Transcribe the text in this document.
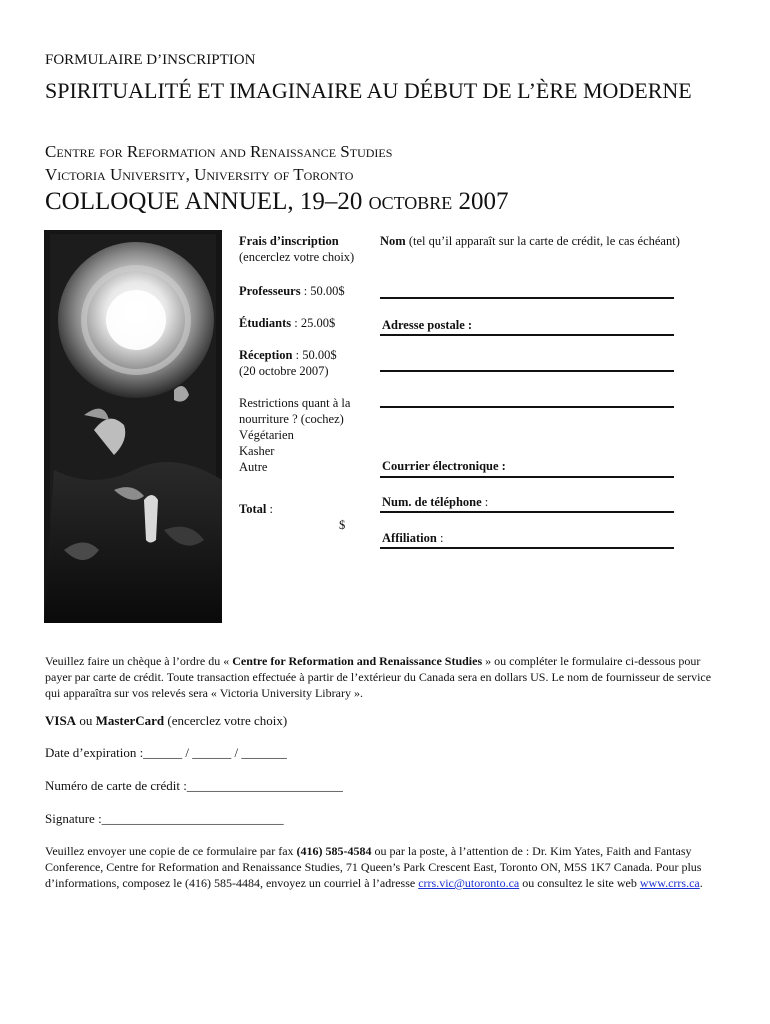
FORMULAIRE D’INSCRIPTION
SPIRITUALITÉ ET IMAGINAIRE AU DÉBUT DE L’ÈRE MODERNE
Centre for Reformation and Renaissance Studies
Victoria University, University of Toronto
COLLOQUE ANNUEL, 19–20 octobre 2007
Frais d’inscription
(encerclez votre choix)
Professeurs : 50.00$
Étudiants : 25.00$
Réception : 50.00$
(20 octobre 2007)
Restrictions quant à la nourriture ? (cochez)
Végétarien
Kasher
Autre
Total :
$
Nom (tel qu’il apparaît sur la carte de crédit, le cas échéant)
Adresse postale :
Courrier électronique :
Num. de téléphone :
Affiliation :
Veuillez faire un chèque à l’ordre du « Centre for Reformation and Renaissance Studies » ou compléter le formulaire ci-dessous pour payer par carte de crédit. Toute transaction effectuée à partir de l’extérieur du Canada sera en dollars US. Le nom de fournisseur de service qui apparaîtra sur vos relevés sera « Victoria University Library ».
VISA ou MasterCard (encerclez votre choix)
Date d’expiration :______ / ______ / _______
Numéro de carte de crédit :________________________
Signature :____________________________
Veuillez envoyer une copie de ce formulaire par fax (416) 585-4584 ou par la poste, à l’attention de : Dr. Kim Yates, Faith and Fantasy Conference, Centre for Reformation and Renaissance Studies, 71 Queen’s Park Crescent East, Toronto ON, M5S 1K7 Canada. Pour plus d’informations, composez le (416) 585-4484, envoyez un courriel à l’adresse crrs.vic@utoronto.ca ou consultez le site web www.crrs.ca.
